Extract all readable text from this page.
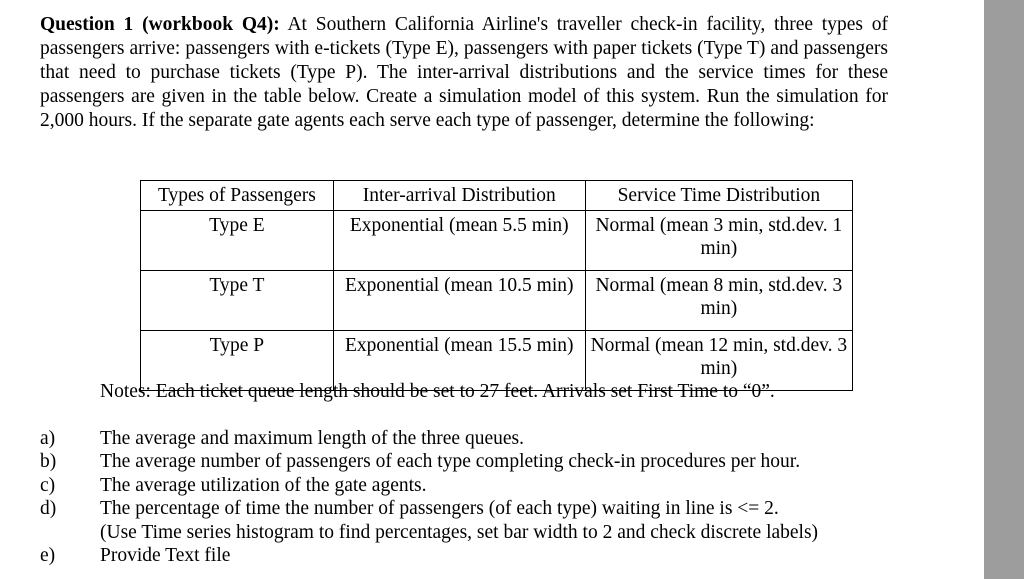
Question 1 (workbook Q4): At Southern California Airline's traveller check-in facility, three types of passengers arrive: passengers with e-tickets (Type E), passengers with paper tickets (Type T) and passengers that need to purchase tickets (Type P). The inter-arrival distributions and the service times for these passengers are given in the table below. Create a simulation model of this system. Run the simulation for 2,000 hours. If the separate gate agents each serve each type of passenger, determine the following:
Types of Passengers	Inter-arrival Distribution	Service Time Distribution
Type E	Exponential (mean 5.5 min)	Normal (mean 3 min, std.dev. 1 min)
Type T	Exponential (mean 10.5 min)	Normal (mean 8 min, std.dev. 3 min)
Type P	Exponential (mean 15.5 min)	Normal (mean 12 min, std.dev. 3 min)
Notes: Each ticket queue length should be set to 27 feet. Arrivals set First Time to “0”.
a) The average and maximum length of the three queues.
b) The average number of passengers of each type completing check-in procedures per hour.
c) The average utilization of the gate agents.
d) The percentage of time the number of passengers (of each type) waiting in line is <= 2.
(Use Time series histogram to find percentages, set bar width to 2 and check discrete labels)
e) Provide Text file
